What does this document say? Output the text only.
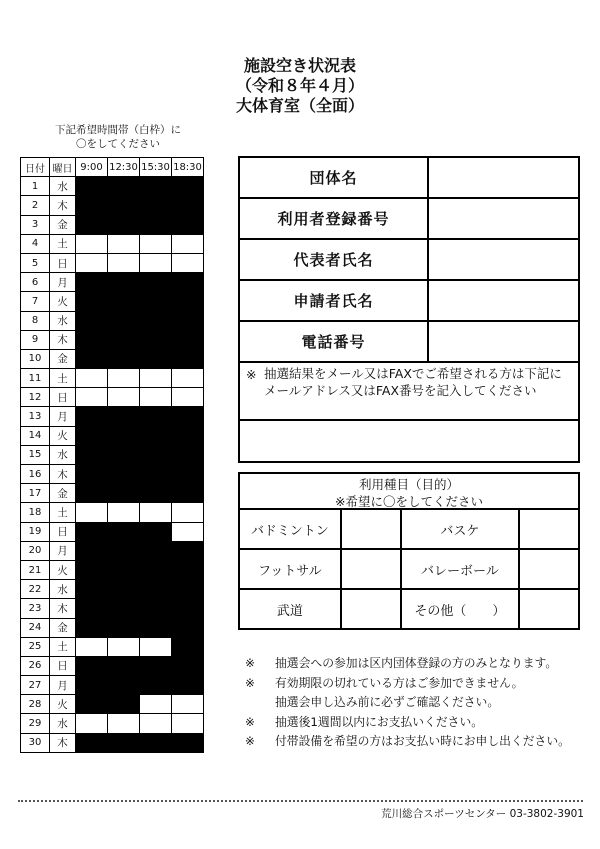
施設空き状況表
（令和８年４月）
大体育室（全面）
下記希望時間帯（白枠）に
〇をしてください
日付	曜日	9:00	12:30	15:30	18:30
1	水				
2	木				
3	金				
4	土				
5	日				
6	月				
7	火				
8	水				
9	木				
10	金				
11	土				
12	日				
13	月				
14	火				
15	水				
16	木				
17	金				
18	土				
19	日				
20	月				
21	火				
22	水				
23	木				
24	金				
25	土				
26	日				
27	月				
28	火				
29	水				
30	木				
団体名	
利用者登録番号	
代表者氏名	
申請者氏名	
電話番号	

※ 抽選結果をメール又はFAXでご希望される方は下記にメールアドレス又はFAX番号を記入してください	

利用種目（目的）
※希望に〇をしてください
バドミントン		バスケ	
フットサル		バレーボール	
武道		その他（　　）	
※ 抽選会への参加は区内団体登録の方のみとなります。
※ 有効期限の切れている方はご参加できません。
抽選会申し込み前に必ずご確認ください。
※ 抽選後1週間以内にお支払いください。
※ 付帯設備を希望の方はお支払い時にお申し出ください。
荒川総合スポーツセンター 03-3802-3901
